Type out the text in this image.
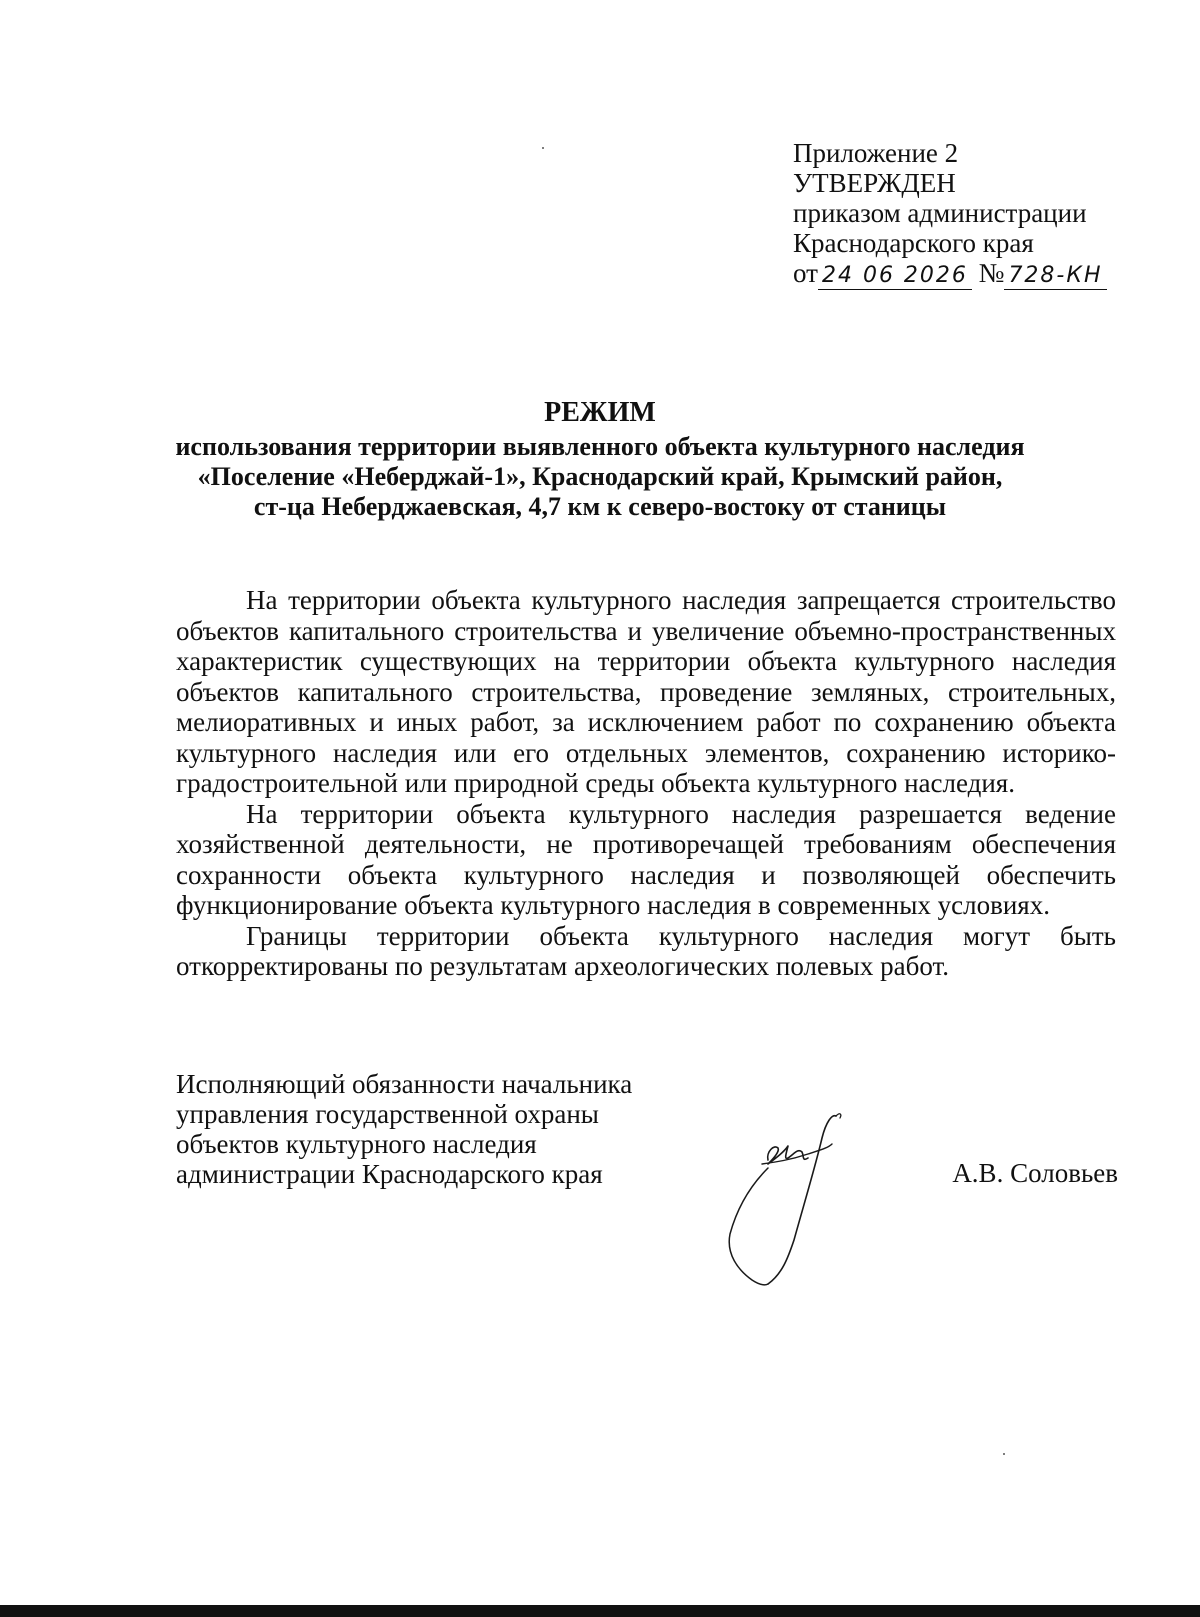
Приложение 2

УТВЕРЖДЕН

приказом администрации

Краснодарского края

от 24 06 2026 № 728-КН

РЕЖИМ
использования территории выявленного объекта культурного наследия
«Поселение «Неберджай-1», Краснодарский край, Крымский район,
ст-ца Неберджаевская, 4,7 км к северо-востоку от станицы

На территории объекта культурного наследия запрещается строительство объектов капитального строительства и увеличение объемно-пространственных характеристик существующих на территории объекта культурного наследия объектов капитального строительства, проведение земляных, строительных, мелиоративных и иных работ, за исключением работ по сохранению объекта культурного наследия или его отдельных элементов, сохранению историко-градостроительной или природной среды объекта культурного наследия.

На территории объекта культурного наследия разрешается ведение хозяйственной деятельности, не противоречащей требованиям обеспечения сохранности объекта культурного наследия и позволяющей обеспечить функционирование объекта культурного наследия в современных условиях.

Границы территории объекта культурного наследия могут быть откорректированы по результатам археологических полевых работ.

Исполняющий обязанности начальника
управления государственной охраны
объектов культурного наследия
администрации Краснодарского края	А.В. Соловьев
